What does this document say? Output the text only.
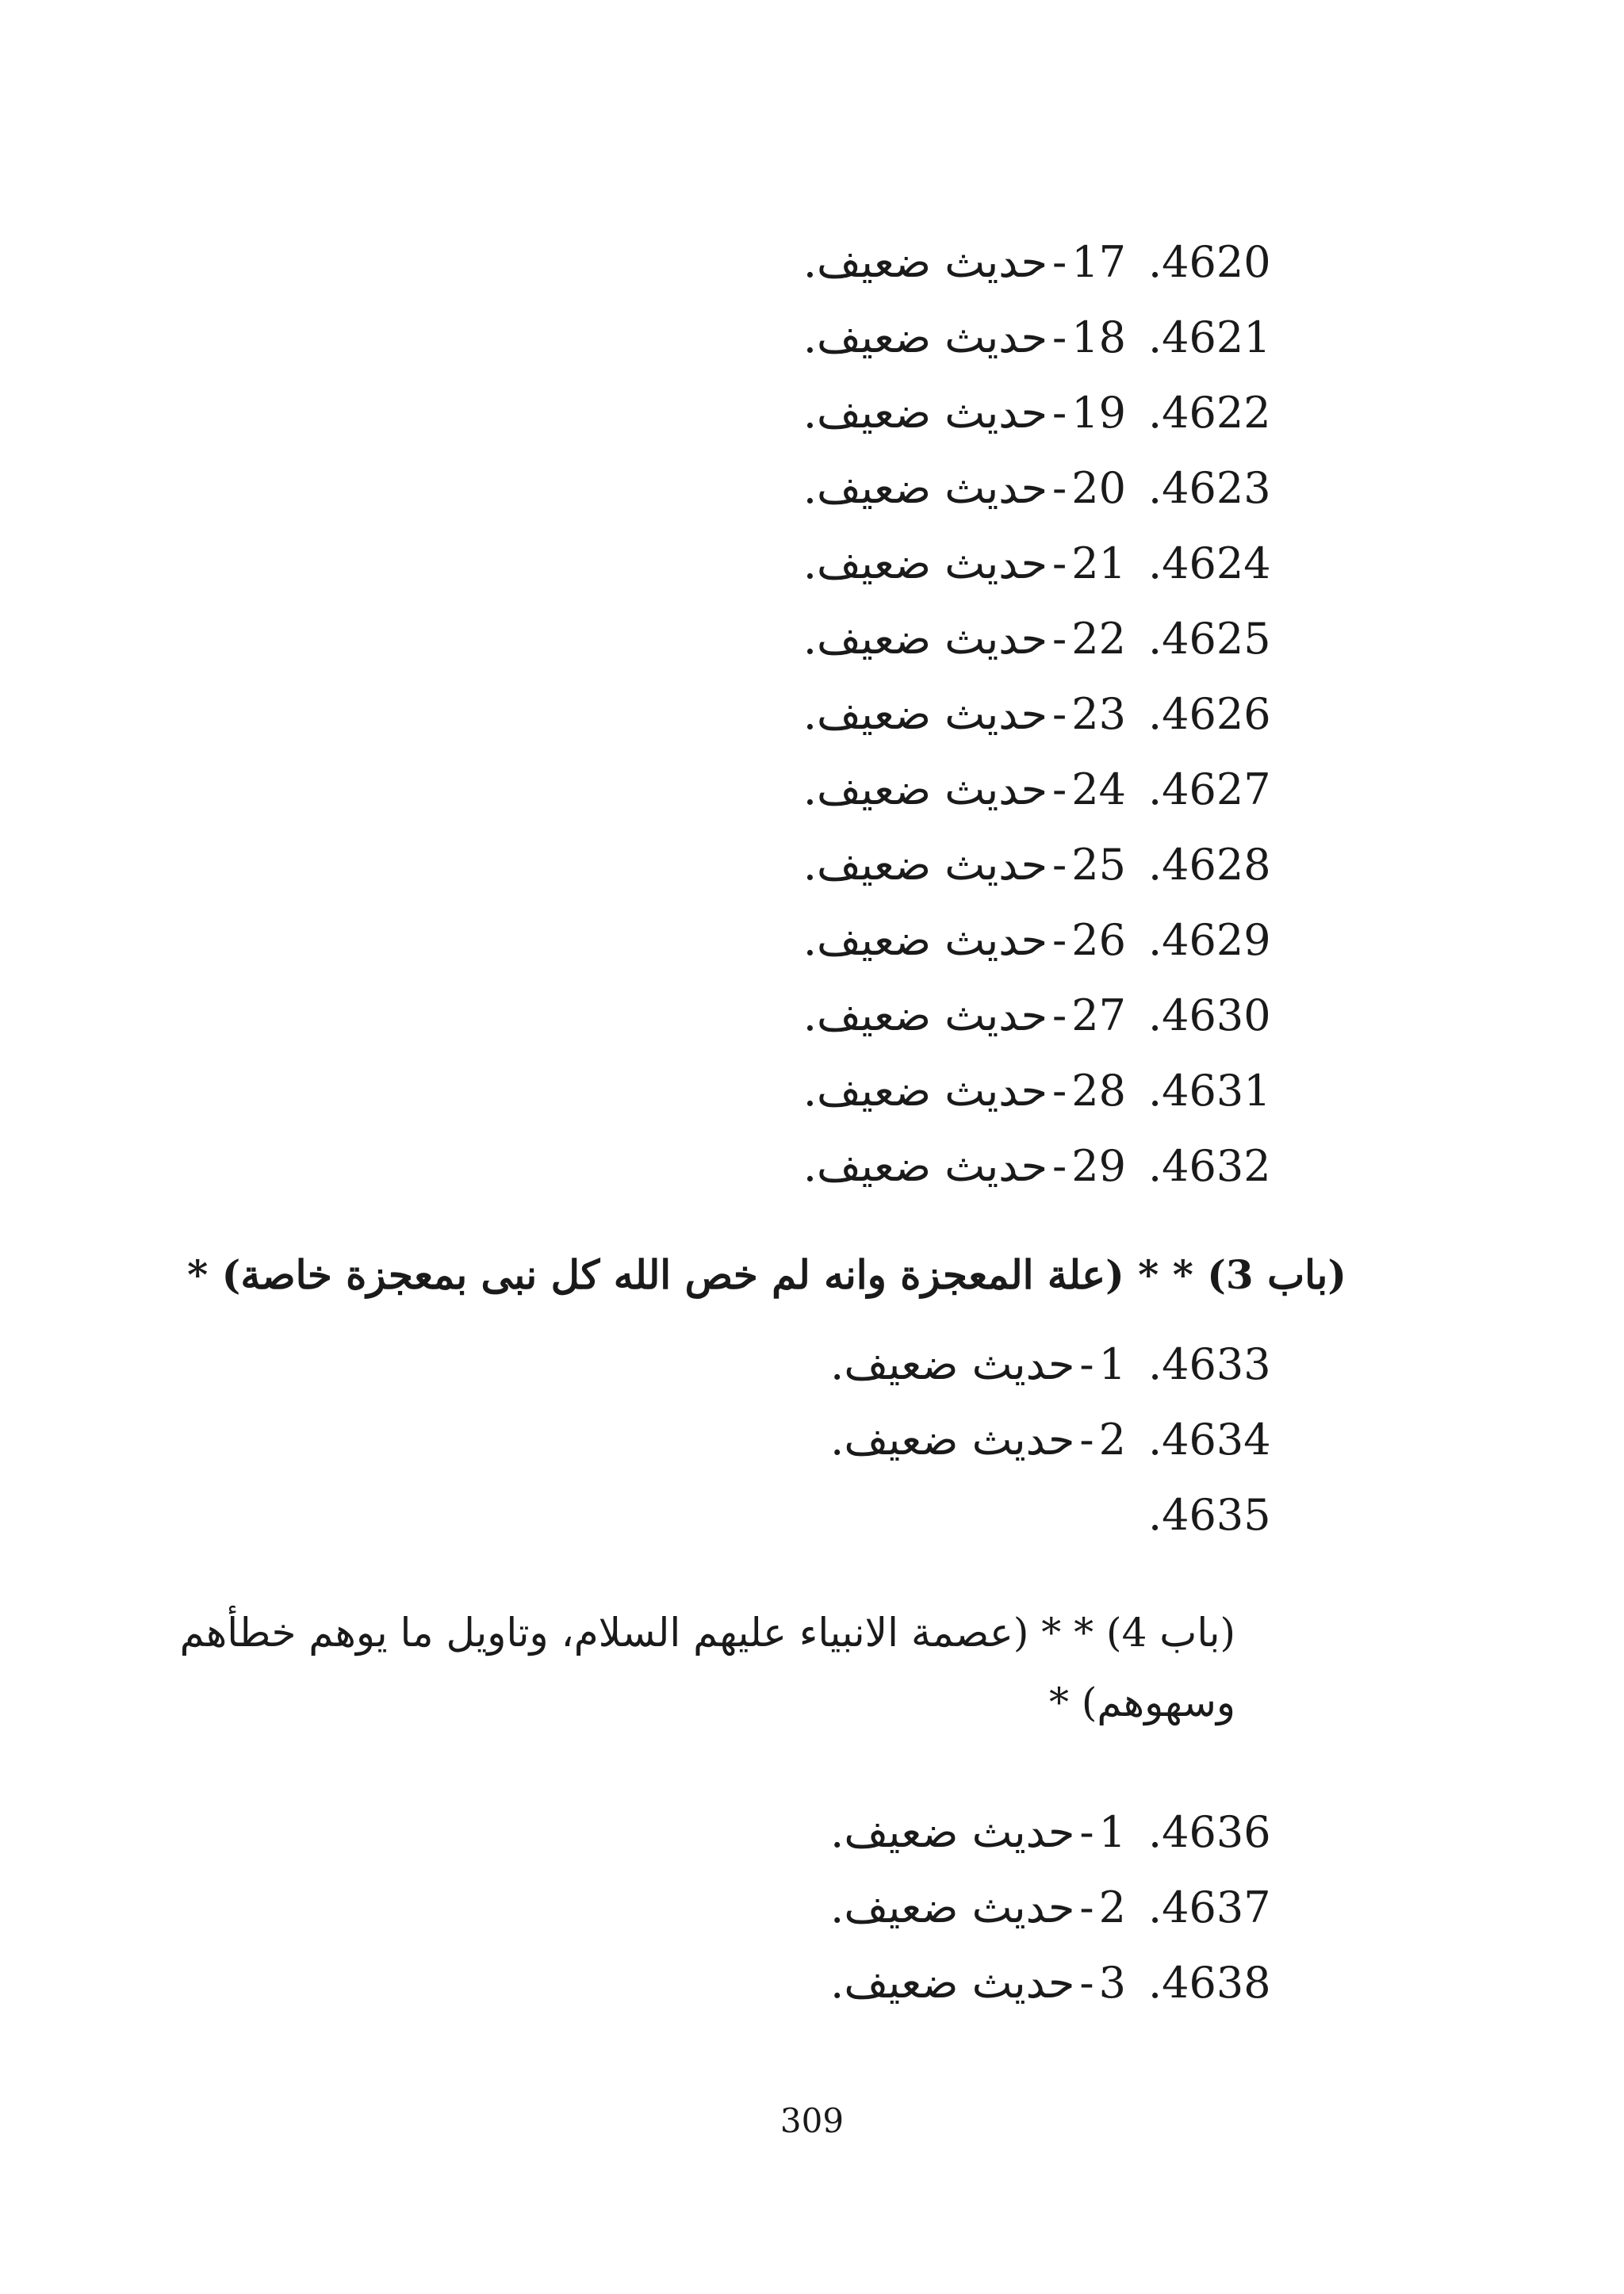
4620.
17
-
حديث ضعيف.
4621.
18
-
حديث ضعيف.
4622.
19
-
حديث ضعيف.
4623.
20
-
حديث ضعيف.
4624.
21
-
حديث ضعيف.
4625.
22
-
حديث ضعيف.
4626.
23
-
حديث ضعيف.
4627.
24
-
حديث ضعيف.
4628.
25
-
حديث ضعيف.
4629.
26
-
حديث ضعيف.
4630.
27
-
حديث ضعيف.
4631.
28
-
حديث ضعيف.
4632.
29
-
حديث ضعيف.
(باب 3) * * (علة المعجزة وانه لم خص الله كل نبى بمعجزة خاصة) *
4633.
1
-
حديث ضعيف.
4634.
2
-
حديث ضعيف.
4635.
(باب 4) * * (عصمة الانبياء عليهم السلام، وتاويل ما يوهم خطأهم
وسهوهم) *
4636.
1
-
حديث ضعيف.
4637.
2
-
حديث ضعيف.
4638.
3
-
حديث ضعيف.
309
